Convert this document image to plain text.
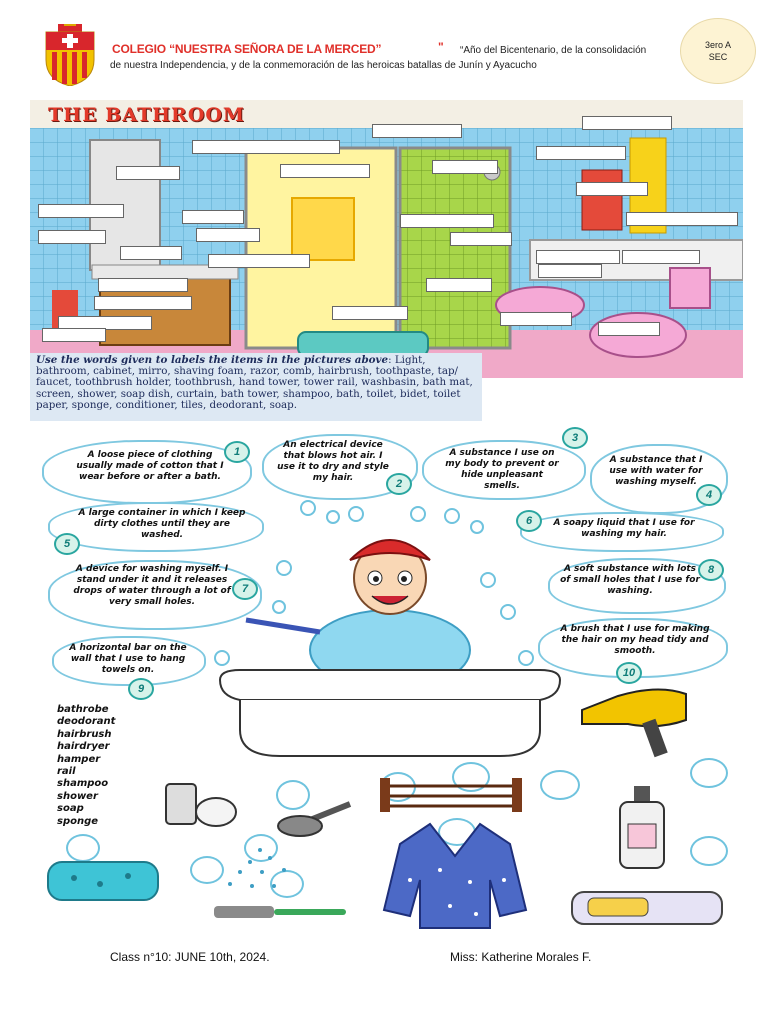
COLEGIO “NUESTRA SEÑORA DE LA MERCED”	" “Año del Bicentenario, de la consolidación
de nuestra Independencia, y de la conmemoración de las heroicas batallas de Junín y Ayacucho
3ero A
SEC
THE BATHROOM
Use the words given to labels the items in the pictures above: Light, bathroom, cabinet, mirro, shaving foam, razor, comb, hairbrush, toothpaste, tap/ faucet, toothbrush holder, toothbrush, hand tower, tower rail, washbasin, bath mat, screen, shower, soap dish, curtain, bath tower, shampoo, bath, toilet, bidet, toilet paper, sponge, conditioner, tiles, deodorant, soap.
A loose piece of clothing usually made of cotton that I wear before or after a bath.
1
An electrical device that blows hot air. I use it to dry and style my hair.	2
A substance I use on my body to prevent or hide unpleasant smells.
3
A substance that I use with water for washing myself.
4
A large container in which I keep dirty clothes until they are washed.
5
A soapy liquid that I use for washing my hair.
6
A device for washing myself. I stand under it and it releases drops of water through a lot of very small holes.
7
A soft substance with lots of small holes that I use for washing.
8
A horizontal bar on the wall that I use to hang towels on.
9
A brush that I use for making the hair on my head tidy and smooth.
10
bathrobe
deodorant
hairbrush
hairdryer
hamper
rail
shampoo
shower
soap
sponge
Class n°10: JUNE 10th, 2024.	Miss: Katherine Morales F.
